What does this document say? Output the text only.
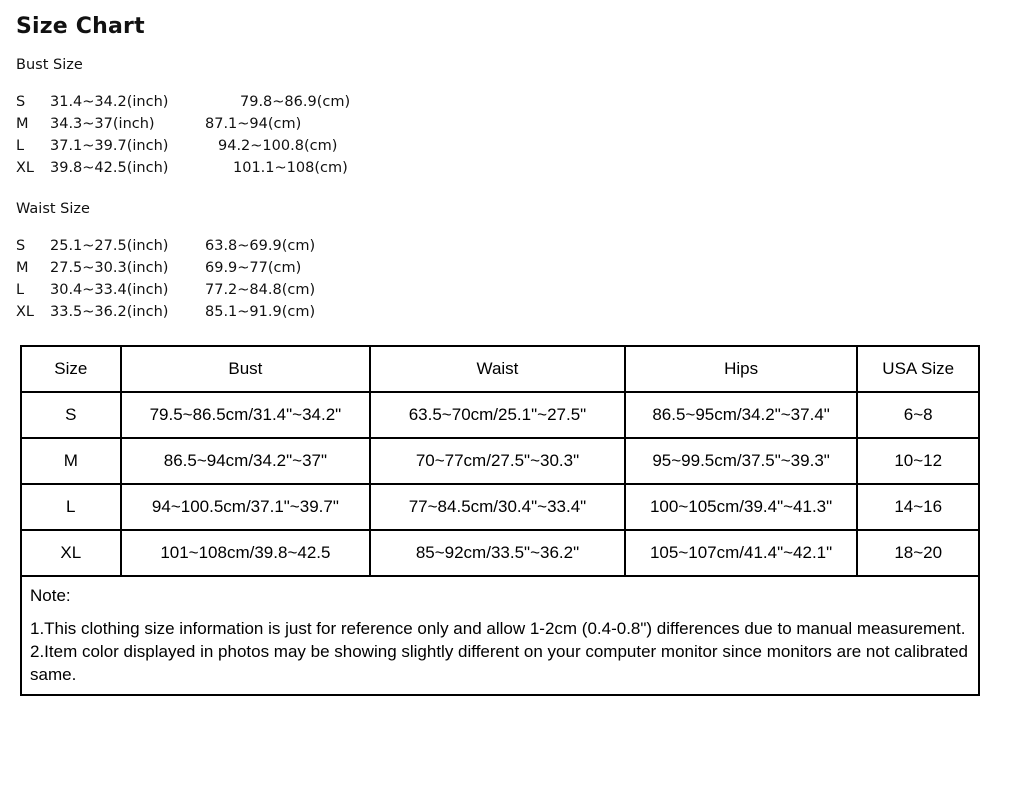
Size Chart
Bust Size
S 31.4~34.2(inch)	79.8~86.9(cm)
M 34.3~37(inch)	87.1~94(cm)
L 37.1~39.7(inch)	94.2~100.8(cm)
XL 39.8~42.5(inch)	101.1~108(cm)
Waist Size
S 25.1~27.5(inch)	63.8~69.9(cm)
M 27.5~30.3(inch)	69.9~77(cm)
L 30.4~33.4(inch)	77.2~84.8(cm)
XL 33.5~36.2(inch)	85.1~91.9(cm)
Size	Bust	Waist	Hips	USA Size
S	79.5~86.5cm/31.4"~34.2"	63.5~70cm/25.1"~27.5"	86.5~95cm/34.2"~37.4"	6~8
M	86.5~94cm/34.2"~37"	70~77cm/27.5"~30.3"	95~99.5cm/37.5"~39.3"	10~12
L	94~100.5cm/37.1"~39.7"	77~84.5cm/30.4"~33.4"	100~105cm/39.4"~41.3"	14~16
XL	101~108cm/39.8~42.5	85~92cm/33.5"~36.2"	105~107cm/41.4"~42.1"	18~20

Note:
1.This clothing size information is just for reference only and allow 1-2cm (0.4-0.8") differences due to manual measurement.
2.Item color displayed in photos may be showing slightly different on your computer monitor since monitors are not calibrated same.				
